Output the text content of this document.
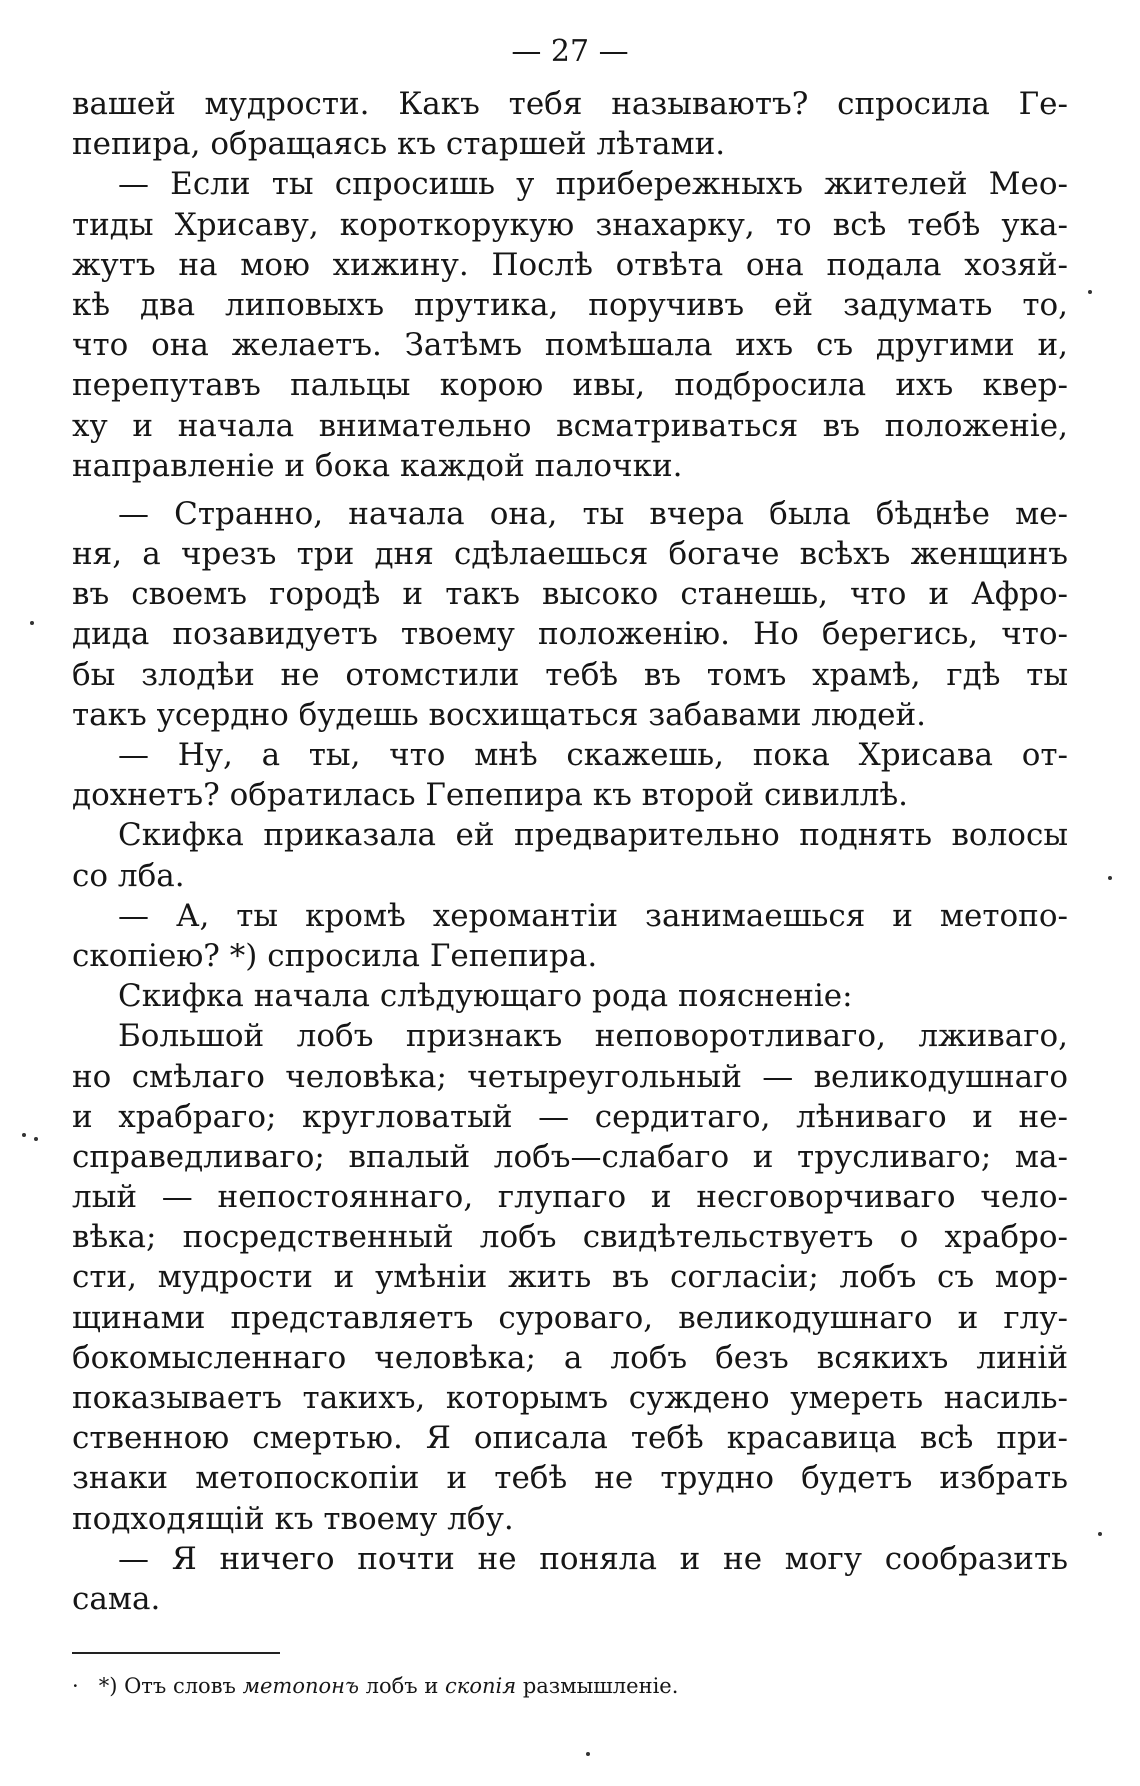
— 27 —
вашей мудрости. Какъ тебя называютъ? спросила Ге-
пепира, обращаясь къ старшей лѣтами.
— Если ты спросишь у прибережныхъ жителей Мео-
тиды Хрисаву, короткорукую знахарку, то всѣ тебѣ ука-
жутъ на мою хижину. Послѣ отвѣта она подала хозяй-
кѣ два липовыхъ прутика, поручивъ ей задумать то,
что она желаетъ. Затѣмъ помѣшала ихъ съ другими и,
перепутавъ пальцы корою ивы, подбросила ихъ квер-
ху и начала внимательно всматриваться въ положенiе,
направленiе и бока каждой палочки.
— Странно, начала она, ты вчера была бѣднѣе ме-
ня, а чрезъ три дня сдѣлаешься богаче всѣхъ женщинъ
въ своемъ городѣ и такъ высоко станешь, что и Афро-
дида позавидуетъ твоему положенiю. Но берегись, что-
бы злодѣи не отомстили тебѣ въ томъ храмѣ, гдѣ ты
такъ усердно будешь восхищаться забавами людей.
— Ну, а ты, что мнѣ скажешь, пока Хрисава от-
дохнетъ? обратилась Гепепира къ второй сивиллѣ.
Скифка приказала ей предварительно поднять волосы
со лба.
— А, ты кромѣ херомантiи занимаешься и метопо-
скопiею? *) спросила Гепепира.
Скифка начала слѣдующаго рода поясненiе:
Большой лобъ признакъ неповоротливаго, лживаго,
но смѣлаго человѣка; четыреугольный — великодушнаго
и храбраго; кругловатый — сердитаго, лѣниваго и не-
справедливаго; впалый лобъ—слабаго и трусливаго; ма-
лый — непостояннаго, глупаго и несговорчиваго чело-
вѣка; посредственный лобъ свидѣтельствуетъ о храбро-
сти, мудрости и умѣнiи жить въ согласiи; лобъ съ мор-
щинами представляетъ суроваго, великодушнаго и глу-
бокомысленнаго человѣка; а лобъ безъ всякихъ линiй
показываетъ такихъ, которымъ суждено умереть насиль-
ственною смертью. Я описала тебѣ красавица всѣ при-
знаки метопоскопiи и тебѣ не трудно будетъ избрать
подходящiй къ твоему лбу.
— Я ничего почти не поняла и не могу сообразить
сама.
· *) Отъ словъ метопонъ лобъ и скопiя размышленiе.
